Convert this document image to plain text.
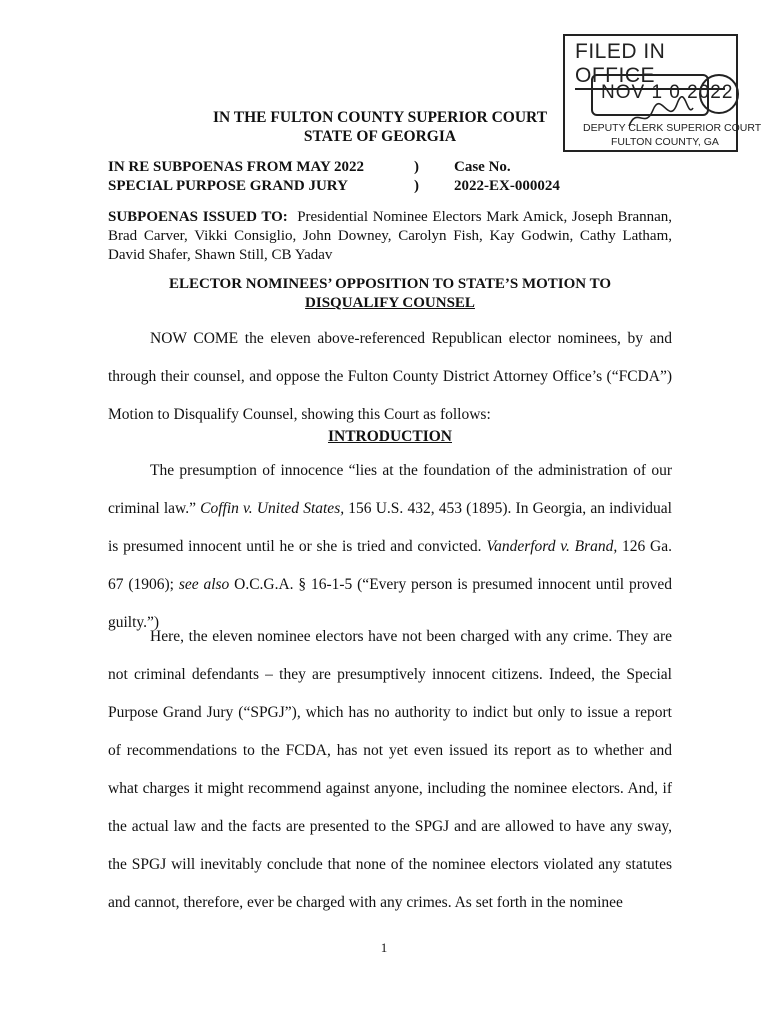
FILED IN OFFICE
NOV 1 0 2022
DEPUTY CLERK SUPERIOR COURT
FULTON COUNTY, GA
IN THE FULTON COUNTY SUPERIOR COURT
STATE OF GEORGIA
IN RE SUBPOENAS FROM MAY 2022	) Case No.
SPECIAL PURPOSE GRAND JURY	) 2022-EX-000024
SUBPOENAS ISSUED TO: Presidential Nominee Electors Mark Amick, Joseph Brannan, Brad Carver, Vikki Consiglio, John Downey, Carolyn Fish, Kay Godwin, Cathy Latham, David Shafer, Shawn Still, CB Yadav
ELECTOR NOMINEES’ OPPOSITION TO STATE’S MOTION TO
DISQUALIFY COUNSEL
NOW COME the eleven above-referenced Republican elector nominees, by and through their counsel, and oppose the Fulton County District Attorney Office’s (“FCDA”) Motion to Disqualify Counsel, showing this Court as follows:
INTRODUCTION
The presumption of innocence “lies at the foundation of the administration of our criminal law.” Coffin v. United States, 156 U.S. 432, 453 (1895). In Georgia, an individual is presumed innocent until he or she is tried and convicted. Vanderford v. Brand, 126 Ga. 67 (1906); see also O.C.G.A. § 16-1-5 (“Every person is presumed innocent until proved guilty.”)
Here, the eleven nominee electors have not been charged with any crime. They are not criminal defendants – they are presumptively innocent citizens. Indeed, the Special Purpose Grand Jury (“SPGJ”), which has no authority to indict but only to issue a report of recommendations to the FCDA, has not yet even issued its report as to whether and what charges it might recommend against anyone, including the nominee electors. And, if the actual law and the facts are presented to the SPGJ and are allowed to have any sway, the SPGJ will inevitably conclude that none of the nominee electors violated any statutes and cannot, therefore, ever be charged with any crimes. As set forth in the nominee
1
